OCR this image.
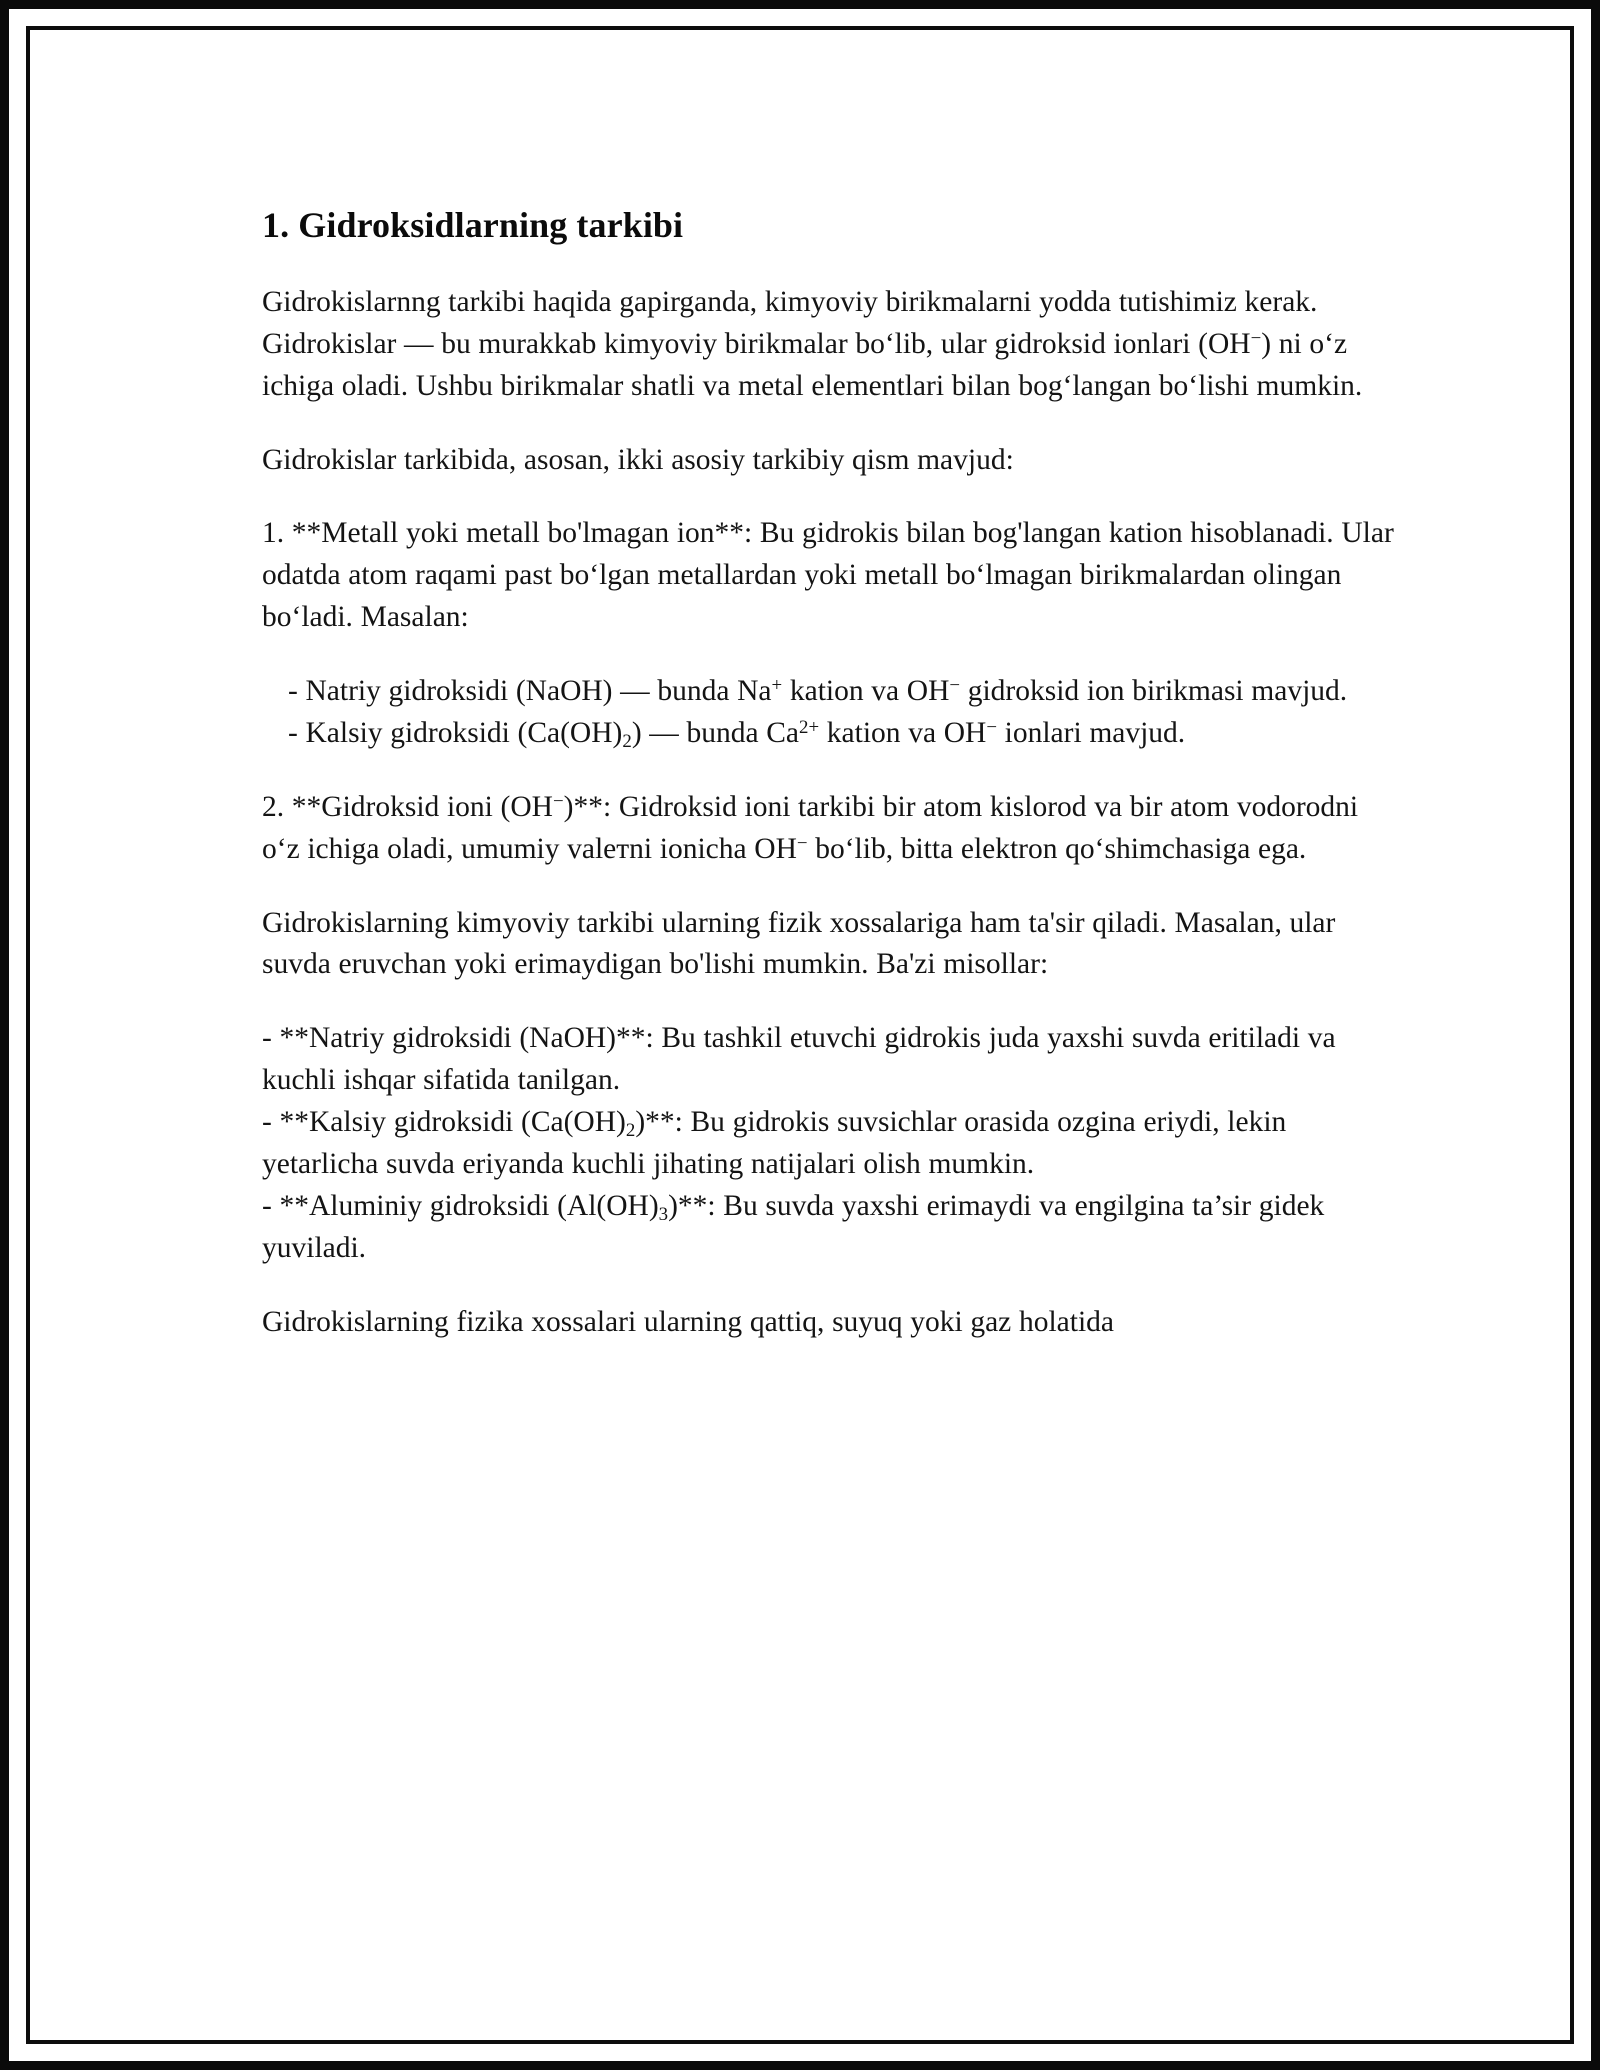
1. Gidroksidlarning tarkibi

Gidrokislarnng tarkibi haqida gapirganda, kimyoviy birikmalarni yodda tutishimiz kerak. Gidrokislar — bu murakkab kimyoviy birikmalar bo‘lib, ular gidroksid ionlari (OH−) ni o‘z ichiga oladi. Ushbu birikmalar shatli va metal elementlari bilan bog‘langan bo‘lishi mumkin.

Gidrokislar tarkibida, asosan, ikki asosiy tarkibiy qism mavjud:

1. **Metall yoki metall bo'lmagan ion**: Bu gidrokis bilan bog'langan kation hisoblanadi. Ular odatda atom raqami past bo‘lgan metallardan yoki metall bo‘lmagan birikmalardan olingan bo‘ladi. Masalan:

- Natriy gidroksidi (NaOH) — bunda Na+ kation va OH− gidroksid ion birikmasi mavjud.

- Kalsiy gidroksidi $(Ca(OH)_2)$ — bunda $Ca^{2+}$ kation va OH− ionlari mavjud.

2. **Gidroksid ioni (OH−)**: Gidroksid ioni tarkibi bir atom kislorod va bir atom vodorodni o‘z ichiga oladi, umumiy valeтni ionicha OH− bo‘lib, bitta elektron qo‘shimchasiga ega.

Gidrokislarning kimyoviy tarkibi ularning fizik xossalariga ham ta'sir qiladi. Masalan, ular suvda eruvchan yoki erimaydigan bo'lishi mumkin. Ba'zi misollar:

- **Natriy gidroksidi (NaOH)**: Bu tashkil etuvchi gidrokis juda yaxshi suvda eritiladi va kuchli ishqar sifatida tanilgan.

- **Kalsiy gidroksidi $(Ca(OH)_2)**$: Bu gidrokis suvsichlar orasida ozgina eriydi, lekin yetarlicha suvda eriyanda kuchli jihating natijalari olish mumkin.

- **Aluminiy gidroksidi $(Al(OH)_3)**$: Bu suvda yaxshi erimaydi va engilgina ta’sir gidek yuviladi.

Gidrokislarning fizika xossalari ularning qattiq, suyuq yoki gaz holatida
